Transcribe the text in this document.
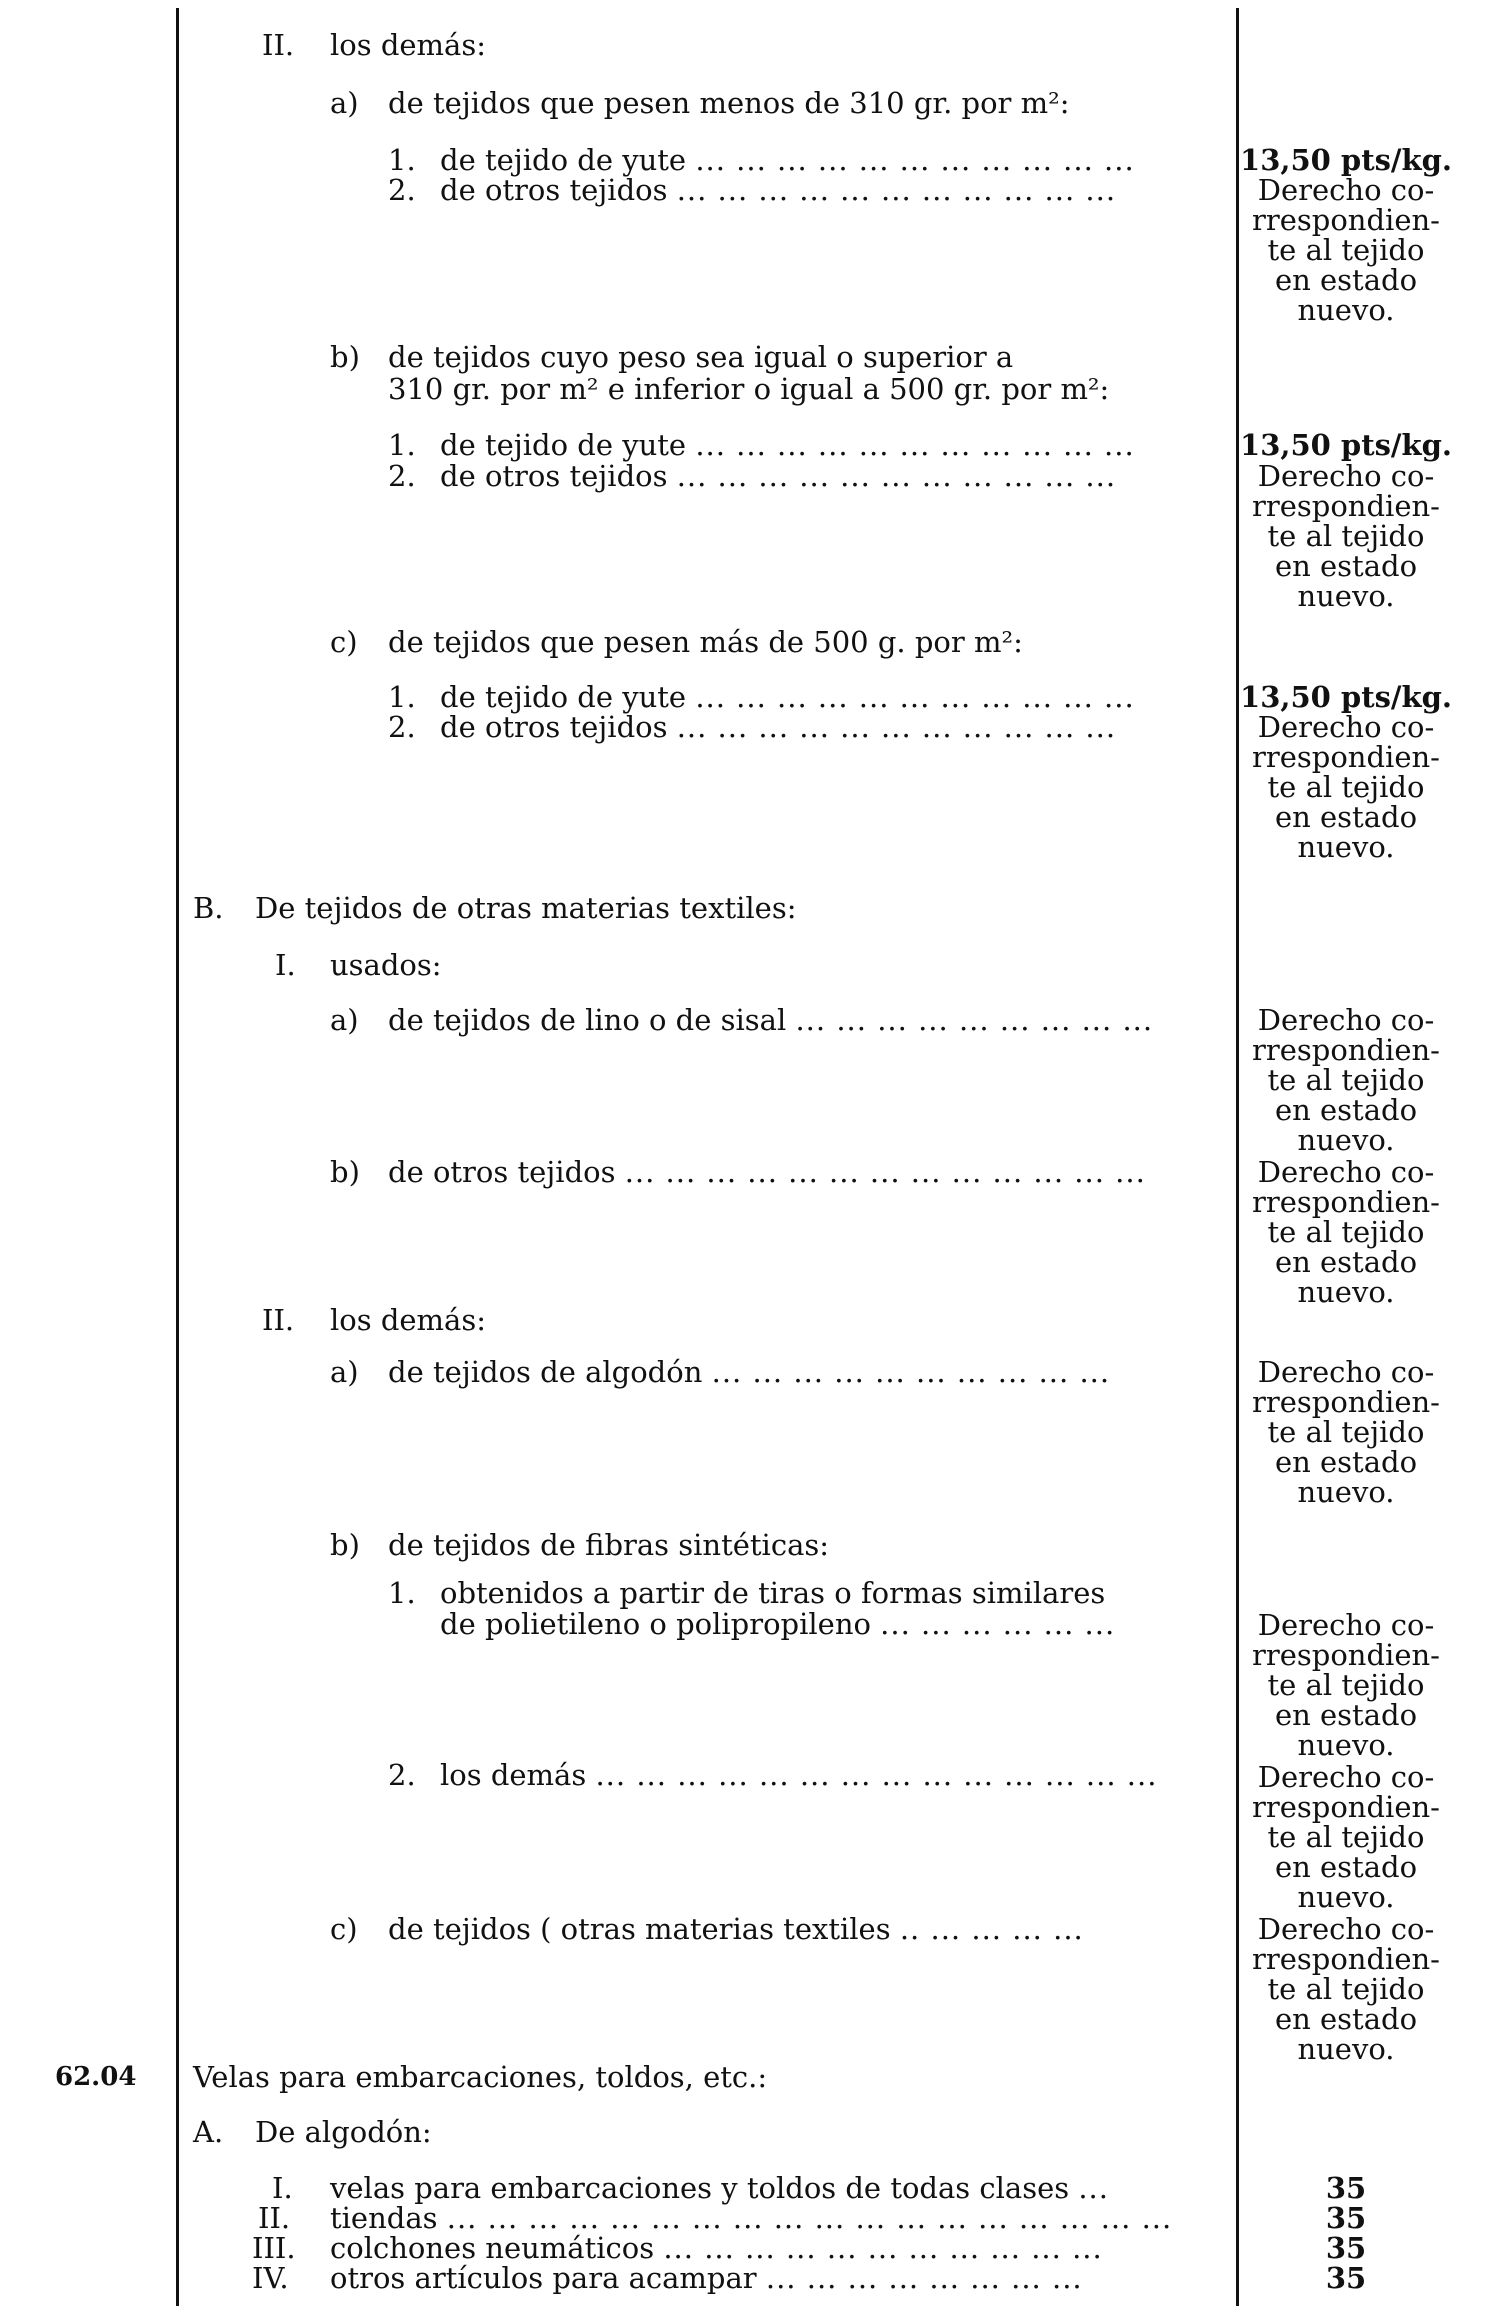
II. los demás:
a) de tejidos que pesen menos de 310 gr. por m²:
1. de tejido de yute ... ... ... ... ... ... ... ... ... ... ...	13,50 pts/kg.
2. de otros tejidos ... ... ... ... ... ... ... ... ... ... ...	Derecho co-
rrespondien-
te al tejido
en estado
nuevo.
b) de tejidos cuyo peso sea igual o superior a
310 gr. por m² e inferior o igual a 500 gr. por m²:
1. de tejido de yute ... ... ... ... ... ... ... ... ... ... ...	13,50 pts/kg.
2. de otros tejidos ... ... ... ... ... ... ... ... ... ... ...	Derecho co-
rrespondien-
te al tejido
en estado
nuevo.
c) de tejidos que pesen más de 500 g. por m²:
1. de tejido de yute ... ... ... ... ... ... ... ... ... ... ...	13,50 pts/kg.
2. de otros tejidos ... ... ... ... ... ... ... ... ... ... ...	Derecho co-
rrespondien-
te al tejido
en estado
nuevo.
B. De tejidos de otras materias textiles:
I. usados:
a) de tejidos de lino o de sisal ... ... ... ... ... ... ... ... ...	Derecho co-
rrespondien-
te al tejido
en estado
nuevo.
b) de otros tejidos ... ... ... ... ... ... ... ... ... ... ... ... ...	Derecho co-
rrespondien-
te al tejido
en estado
nuevo.
II. los demás:
a) de tejidos de algodón ... ... ... ... ... ... ... ... ... ...	Derecho co-
rrespondien-
te al tejido
en estado
nuevo.
b) de tejidos de fibras sintéticas:
1. obtenidos a partir de tiras o formas similares
de polietileno o polipropileno ... ... ... ... ... ...	Derecho co-
rrespondien-
te al tejido
en estado
nuevo.
2. los demás ... ... ... ... ... ... ... ... ... ... ... ... ... ...	Derecho co-
rrespondien-
te al tejido
en estado
nuevo.
c) de tejidos ( otras materias textiles .. ... ... ... ...	Derecho co-
rrespondien-
te al tejido
en estado
nuevo.
62.04 Velas para embarcaciones, toldos, etc.:
A. De algodón:
I. velas para embarcaciones y toldos de todas clases ...	35
II. tiendas ... ... ... ... ... ... ... ... ... ... ... ... ... ... ... ... ... ...	35
III. colchones neumáticos ... ... ... ... ... ... ... ... ... ... ...	35
IV. otros artículos para acampar ... ... ... ... ... ... ... ...	35
